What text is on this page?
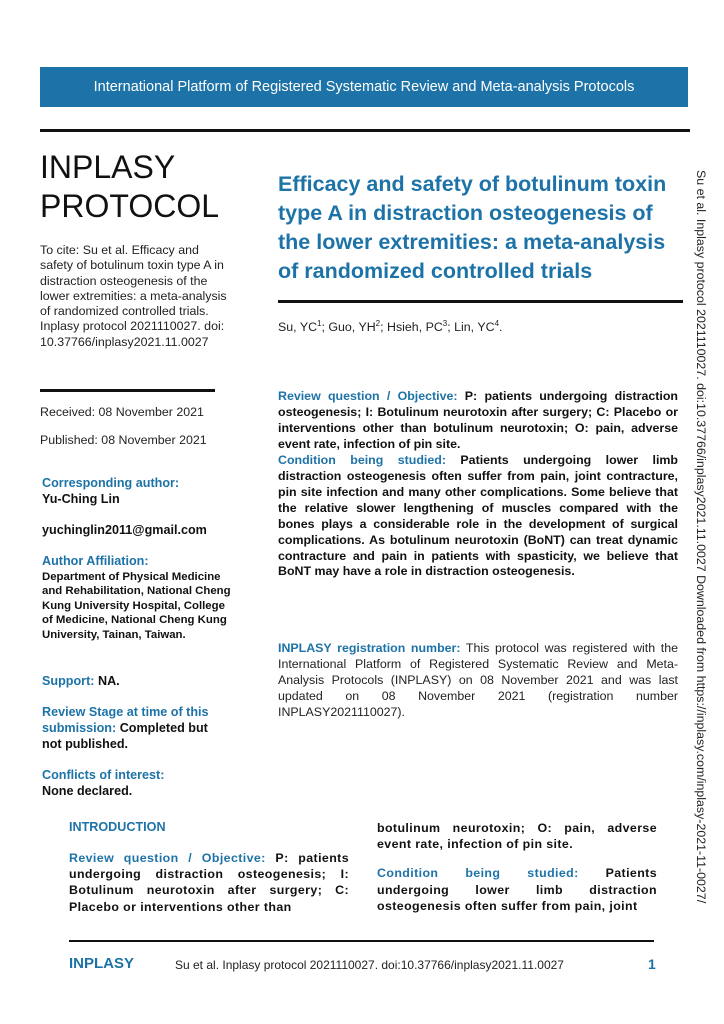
International Platform of Registered Systematic Review and Meta-analysis Protocols
INPLASY
PROTOCOL
To cite: Su et al. Efficacy and safety of botulinum toxin type A in distraction osteogenesis of the lower extremities: a meta-analysis of randomized controlled trials. Inplasy protocol 2021110027. doi: 10.37766/inplasy2021.11.0027
Received: 08 November 2021
Published: 08 November 2021
Corresponding author:
Yu-Ching Lin
yuchinglin2011@gmail.com
Author Affiliation:
Department of Physical Medicine and Rehabilitation, National Cheng Kung University Hospital, College of Medicine, National Cheng Kung University, Tainan, Taiwan.
Support: NA.
Review Stage at time of this submission: Completed but not published.
Conflicts of interest:
None declared.
Efficacy and safety of botulinum toxin type A in distraction osteogenesis of the lower extremities: a meta-analysis of randomized controlled trials
Su, $YC^1$; Guo, $YH^2$; Hsieh, $PC^3$; Lin, $YC^4$.
Review question / Objective: P: patients undergoing distraction osteogenesis; I: Botulinum neurotoxin after surgery; C: Placebo or interventions other than botulinum neurotoxin; O: pain, adverse event rate, infection of pin site.
Condition being studied: Patients undergoing lower limb distraction osteogenesis often suffer from pain, joint contracture, pin site infection and many other complications. Some believe that the relative slower lengthening of muscles compared with the bones plays a considerable role in the development of surgical complications. As botulinum neurotoxin (BoNT) can treat dynamic contracture and pain in patients with spasticity, we believe that BoNT may have a role in distraction osteogenesis.
INPLASY registration number: This protocol was registered with the International Platform of Registered Systematic Review and Meta-Analysis Protocols (INPLASY) on 08 November 2021 and was last updated on 08 November 2021 (registration number INPLASY2021110027).
INTRODUCTION
Review question / Objective: P: patients undergoing distraction osteogenesis; I: Botulinum neurotoxin after surgery; C: Placebo or interventions other than
botulinum neurotoxin; O: pain, adverse event rate, infection of pin site.
Condition being studied: Patients undergoing lower limb distraction osteogenesis often suffer from pain, joint
INPLASY	Su et al. Inplasy protocol 2021110027. doi:10.37766/inplasy2021.11.0027	1
Su et al. Inplasy protocol 2021110027. doi:10.37766/inplasy2021.11.0027 Downloaded from https://inplasy.com/inplasy-2021-11-0027/
